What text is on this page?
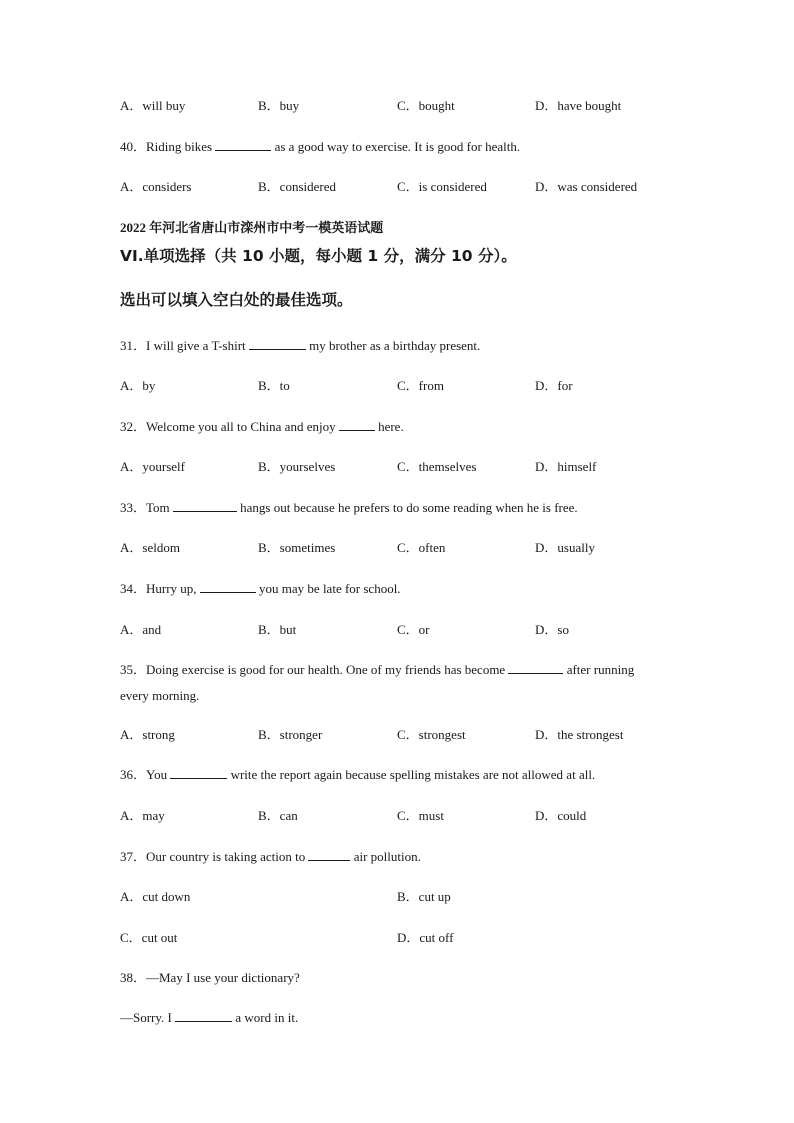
A．will buy	B．buy	C．bought	D．have bought
40．Riding bikes	as a good way to exercise. It is good for health.
A．considers	B．considered	C．is considered	D．was considered
2022 年河北省唐山市滦州市中考一模英语试题
VI.单项选择（共 10 小题，每小题 1 分，满分 10 分）。
选出可以填入空白处的最佳选项。
31．I will give a T-shirt	my brother as a birthday present.
A．by	B．to	C．from	D．for
32．Welcome you all to China and enjoy	here.
A．yourself	B．yourselves	C．themselves	D．himself
33．Tom	hangs out because he prefers to do some reading when he is free.
A．seldom	B．sometimes	C．often	D．usually
34．Hurry up,	you may be late for school.
A．and	B．but	C．or	D．so
35．Doing exercise is good for our health. One of my friends has become	after running
every morning.
A．strong	B．stronger	C．strongest	D．the strongest
36．You	write the report again because spelling mistakes are not allowed at all.
A．may	B．can	C．must	D．could
37．Our country is taking action to	air pollution.
A．cut down	B．cut up
C．cut out	D．cut off
38．—May I use your dictionary?
—Sorry. I	a word in it.
